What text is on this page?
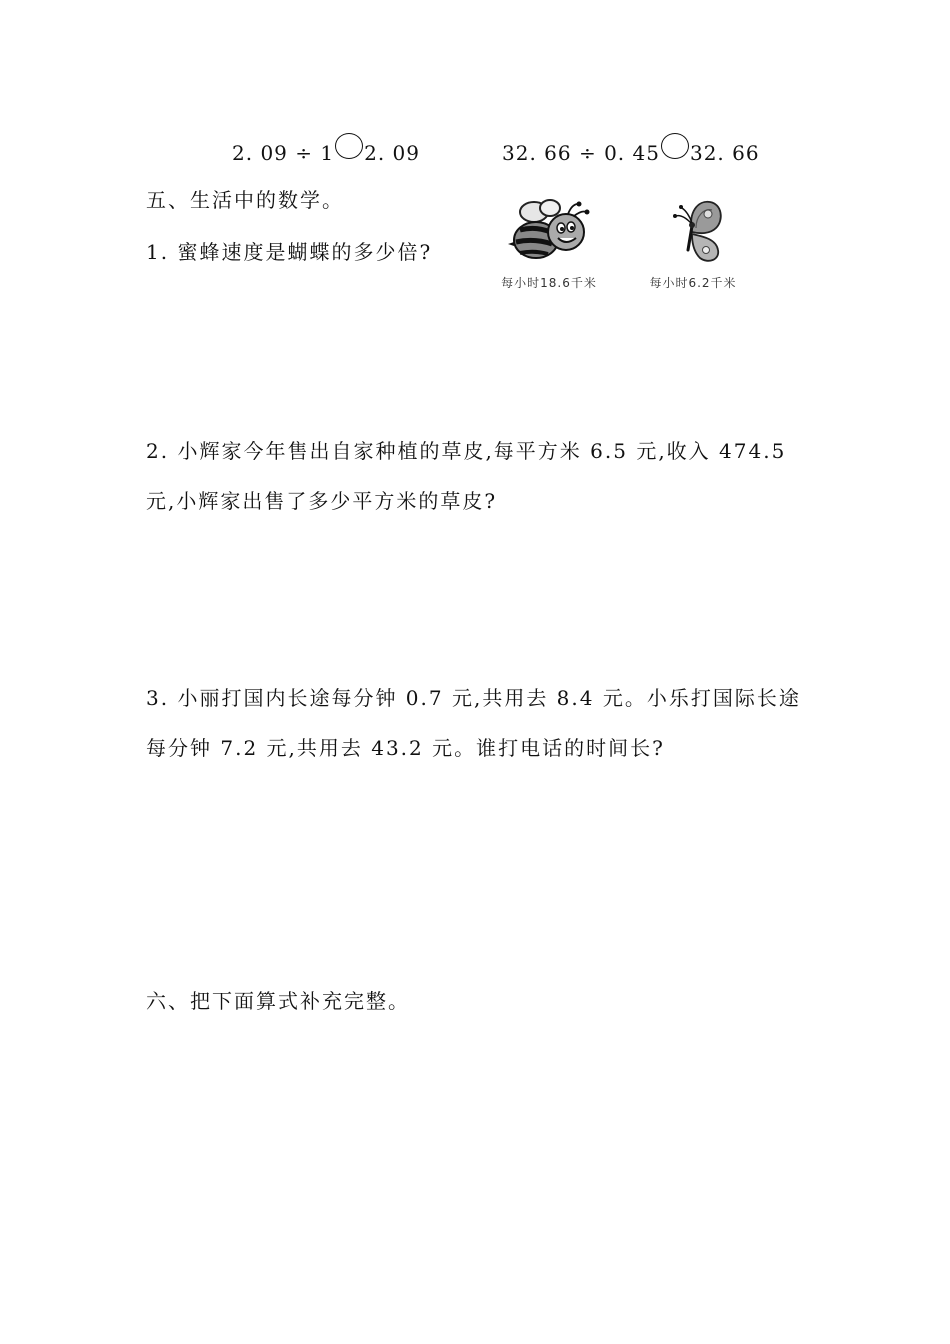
2. 09 ÷ 1 2. 09	32. 66 ÷ 0. 45 32. 66
五、生活中的数学。
1. 蜜蜂速度是蝴蝶的多少倍?
每小时18.6千米	每小时6.2千米
2. 小辉家今年售出自家种植的草皮,每平方米 6.5 元,收入 474.5
元,小辉家出售了多少平方米的草皮?
3. 小丽打国内长途每分钟 0.7 元,共用去 8.4 元。小乐打国际长途
每分钟 7.2 元,共用去 43.2 元。谁打电话的时间长?
六、把下面算式补充完整。
